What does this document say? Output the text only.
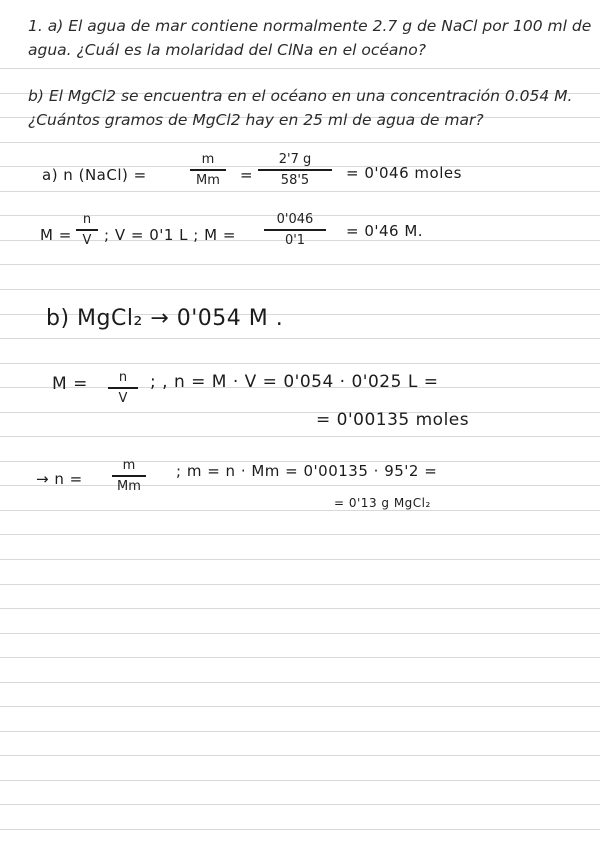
1. a) El agua de mar contiene normalmente 2.7 g de NaCl por 100 ml de
agua. ¿Cuál es la molaridad del ClNa en el océano?
b) El MgCl2 se encuentra en el océano en una concentración 0.054 M.
¿Cuántos gramos de MgCl2 hay en 25 ml de agua de mar?
a) n (NaCl) =
m
Mm	=
2'7 g
58'5	= 0'046 moles
M =
n
V ; V = 0'1 L ; M =
0'046
0'1	= 0'46 M.
b) MgCl₂ → 0'054 M .
M =	n
V
; , n = M · V = 0'054 · 0'025 L =
= 0'00135 moles
→ n =
m
Mm
; m = n · Mm = 0'00135 · 95'2 =
= 0'13 g MgCl₂
